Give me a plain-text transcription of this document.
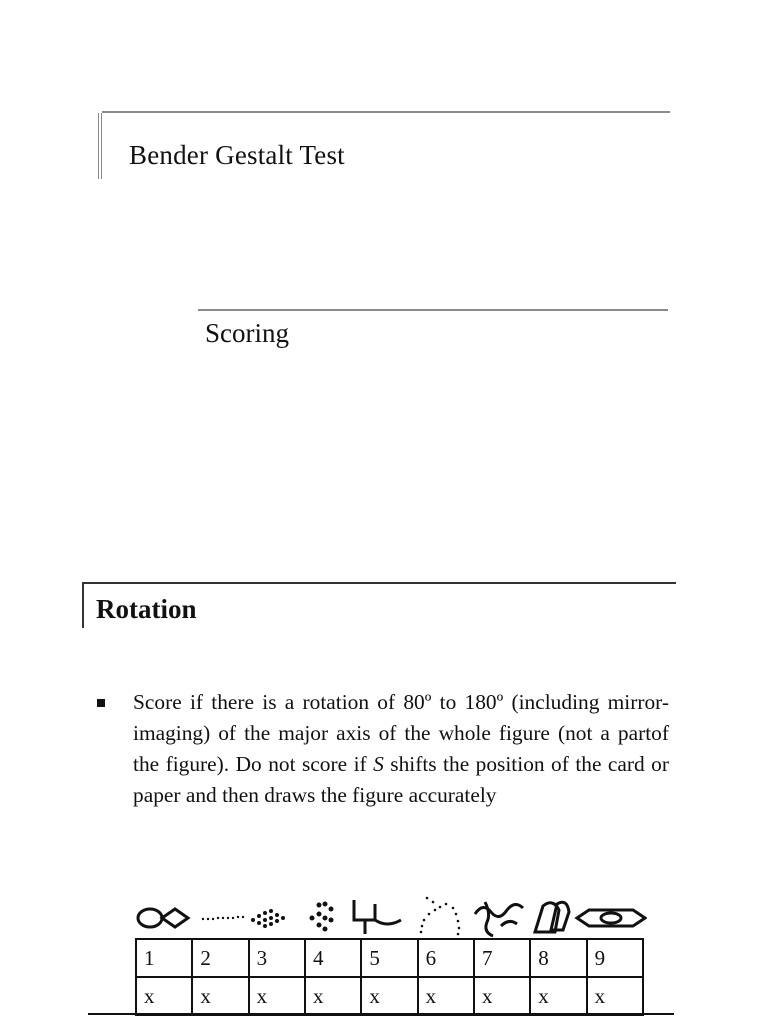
Bender Gestalt Test
Scoring
Rotation
Score if there is a rotation of 80º to 180º (including mirror-imaging) of the major axis of the whole figure (not a partof the figure). Do not score if S shifts the position of the card or paper and then draws the figure accurately
1	2	3	4	5	6	7	8	9
x	x	x	x	x	x	x	x	x
